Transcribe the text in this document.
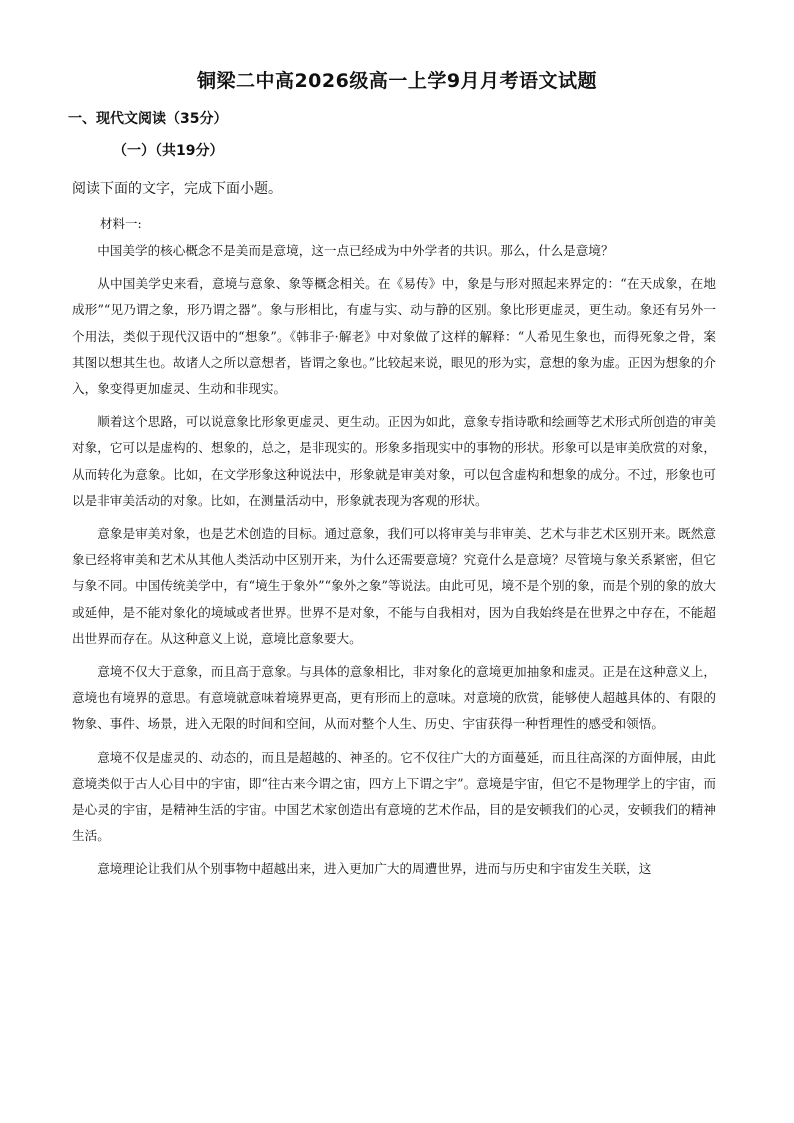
铜梁二中高2026级高一上学9月月考语文试题
一、现代文阅读（35分）
（一）（共19分）
阅读下面的文字，完成下面小题。
材料一:

中国美学的核心概念不是美而是意境，这一点已经成为中外学者的共识。那么，什么是意境？

从中国美学史来看，意境与意象、象等概念相关。在《易传》中，象是与形对照起来界定的：“在天成象，在地成形”“见乃谓之象，形乃谓之器”。象与形相比，有虚与实、动与静的区别。象比形更虚灵，更生动。象还有另外一个用法，类似于现代汉语中的“想象”。《韩非子·解老》中对象做了这样的解释：“人希见生象也，而得死象之骨，案其图以想其生也。故诸人之所以意想者，皆谓之象也。”比较起来说，眼见的形为实，意想的象为虚。正因为想象的介入，象变得更加虚灵、生动和非现实。

顺着这个思路，可以说意象比形象更虚灵、更生动。正因为如此，意象专指诗歌和绘画等艺术形式所创造的审美对象，它可以是虚构的、想象的，总之，是非现实的。形象多指现实中的事物的形状。形象可以是审美欣赏的对象，从而转化为意象。比如，在文学形象这种说法中，形象就是审美对象，可以包含虚构和想象的成分。不过，形象也可以是非审美活动的对象。比如，在测量活动中，形象就表现为客观的形状。

意象是审美对象，也是艺术创造的目标。通过意象，我们可以将审美与非审美、艺术与非艺术区别开来。既然意象已经将审美和艺术从其他人类活动中区别开来，为什么还需要意境？究竟什么是意境？尽管境与象关系紧密，但它与象不同。中国传统美学中，有“境生于象外”“象外之象”等说法。由此可见，境不是个别的象，而是个别的象的放大或延伸，是不能对象化的境域或者世界。世界不是对象，不能与自我相对，因为自我始终是在世界之中存在，不能超出世界而存在。从这种意义上说，意境比意象要大。

意境不仅大于意象，而且高于意象。与具体的意象相比，非对象化的意境更加抽象和虚灵。正是在这种意义上，意境也有境界的意思。有意境就意味着境界更高，更有形而上的意味。对意境的欣赏，能够使人超越具体的、有限的物象、事件、场景，进入无限的时间和空间，从而对整个人生、历史、宇宙获得一种哲理性的感受和领悟。

意境不仅是虚灵的、动态的，而且是超越的、神圣的。它不仅往广大的方面蔓延，而且往高深的方面伸展，由此意境类似于古人心目中的宇宙，即“往古来今谓之宙，四方上下谓之宇”。意境是宇宙，但它不是物理学上的宇宙，而是心灵的宇宙，是精神生活的宇宙。中国艺术家创造出有意境的艺术作品，目的是安顿我们的心灵，安顿我们的精神生活。

意境理论让我们从个别事物中超越出来，进入更加广大的周遭世界，进而与历史和宇宙发生关联，这
